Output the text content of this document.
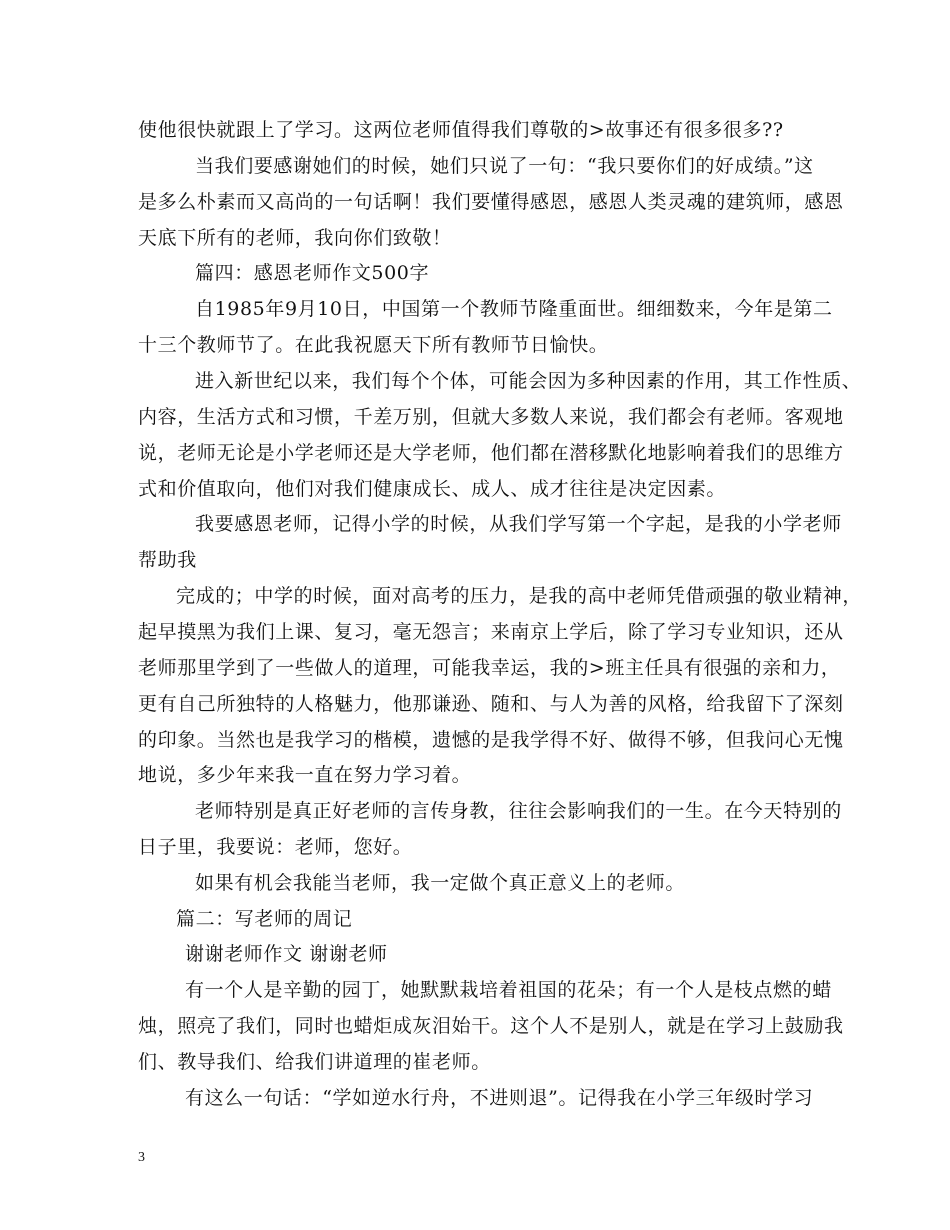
使他很快就跟上了学习。这两位老师值得我们尊敬的>故事还有很多很多??
当我们要感谢她们的时候，她们只说了一句：“我只要你们的好成绩。”这
是多么朴素而又高尚的一句话啊！我们要懂得感恩，感恩人类灵魂的建筑师，感恩
天底下所有的老师，我向你们致敬！
篇四：感恩老师作文500字
自1985年9月10日，中国第一个教师节隆重面世。细细数来，今年是第二
十三个教师节了。在此我祝愿天下所有教师节日愉快。
进入新世纪以来，我们每个个体，可能会因为多种因素的作用，其工作性质、
内容，生活方式和习惯，千差万别，但就大多数人来说，我们都会有老师。客观地
说，老师无论是小学老师还是大学老师，他们都在潜移默化地影响着我们的思维方
式和价值取向，他们对我们健康成长、成人、成才往往是决定因素。
我要感恩老师，记得小学的时候，从我们学写第一个字起，是我的小学老师
帮助我
完成的；中学的时候，面对高考的压力，是我的高中老师凭借顽强的敬业精神，
起早摸黑为我们上课、复习，毫无怨言；来南京上学后，除了学习专业知识，还从
老师那里学到了一些做人的道理，可能我幸运，我的>班主任具有很强的亲和力，
更有自己所独特的人格魅力，他那谦逊、随和、与人为善的风格，给我留下了深刻
的印象。当然也是我学习的楷模，遗憾的是我学得不好、做得不够，但我问心无愧
地说，多少年来我一直在努力学习着。
老师特别是真正好老师的言传身教，往往会影响我们的一生。在今天特别的
日子里，我要说：老师，您好。
如果有机会我能当老师，我一定做个真正意义上的老师。
篇二：写老师的周记
谢谢老师作文 谢谢老师
有一个人是辛勤的园丁，她默默栽培着祖国的花朵；有一个人是枝点燃的蜡
烛，照亮了我们，同时也蜡炬成灰泪始干。这个人不是别人，就是在学习上鼓励我
们、教导我们、给我们讲道理的崔老师。
有这么一句话：“学如逆水行舟，不进则退”。记得我在小学三年级时学习
3
